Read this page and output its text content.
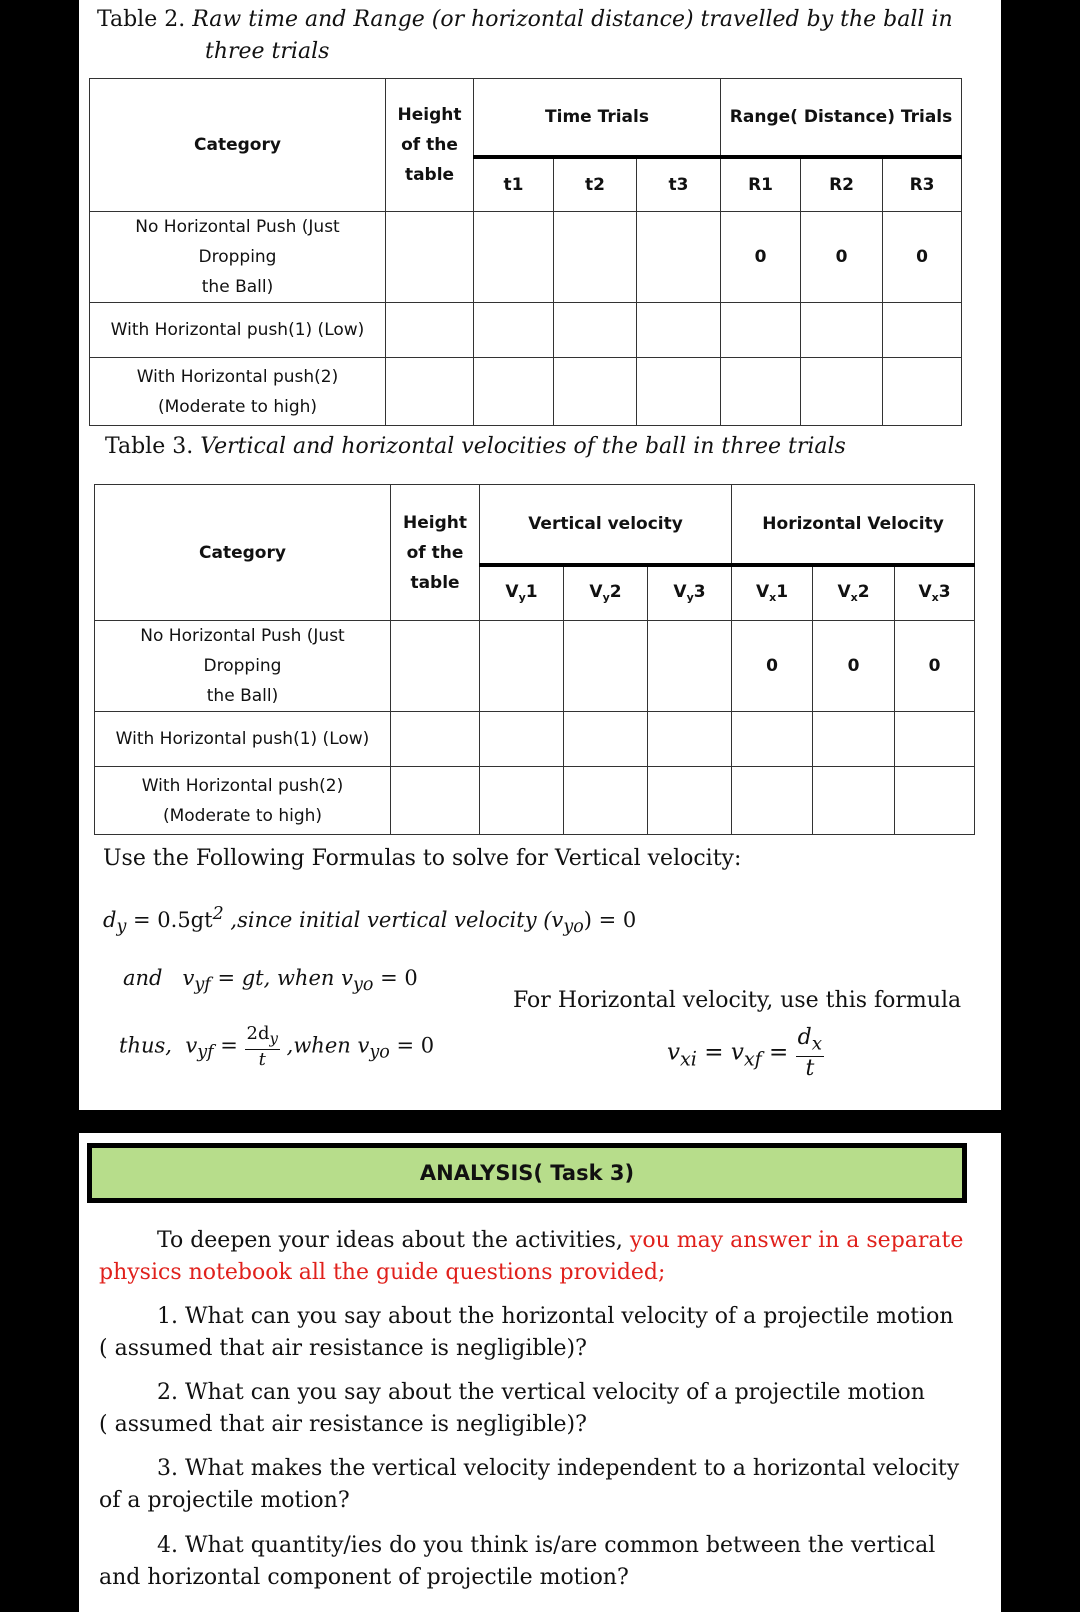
Table 2. Raw time and Range (or horizontal distance) travelled by the ball in

three trials

Category	Height
of the
table	Time Trials			Range( Distance) Trials		
		t1	t2	t3	R1	R2	R3

No Horizontal Push (Just Dropping
the Ball)					0	0	0
With Horizontal push(1) (Low)							

With Horizontal push(2)
(Moderate to high)							

Table 3. Vertical and horizontal velocities of the ball in three trials

Category	Height
of the
table	Vertical velocity			Horizontal Velocity		
		$V_y1$	$V_y2$	$V_y3$	$V_x1$	$V_x2$	$V_x3$

No Horizontal Push (Just Dropping
the Ball)					0	0	0
With Horizontal push(1) (Low)							

With Horizontal push(2)
(Moderate to high)							

Use the Following Formulas to solve for Vertical velocity:

$d_y = 0.5gt^2$ ,since initial vertical velocity $(v_{yo}) = 0$

and $v_{yf}$ = gt, when $v_{yo} = 0$

For Horizontal velocity, use this formula

thus, $v_{yf} = \frac{2d_y}{t}$ ,when $v_{yo} = 0$	$v_{xi} = v_{xf} = \frac{d_x}{t}$

ANALYSIS( Task 3)

To deepen your ideas about the activities, you may answer in a separate
physics notebook all the guide questions provided;

1. What can you say about the horizontal velocity of a projectile motion
( assumed that air resistance is negligible)?

2. What can you say about the vertical velocity of a projectile motion
( assumed that air resistance is negligible)?

3. What makes the vertical velocity independent to a horizontal velocity
of a projectile motion?

4. What quantity/ies do you think is/are common between the vertical
and horizontal component of projectile motion?
